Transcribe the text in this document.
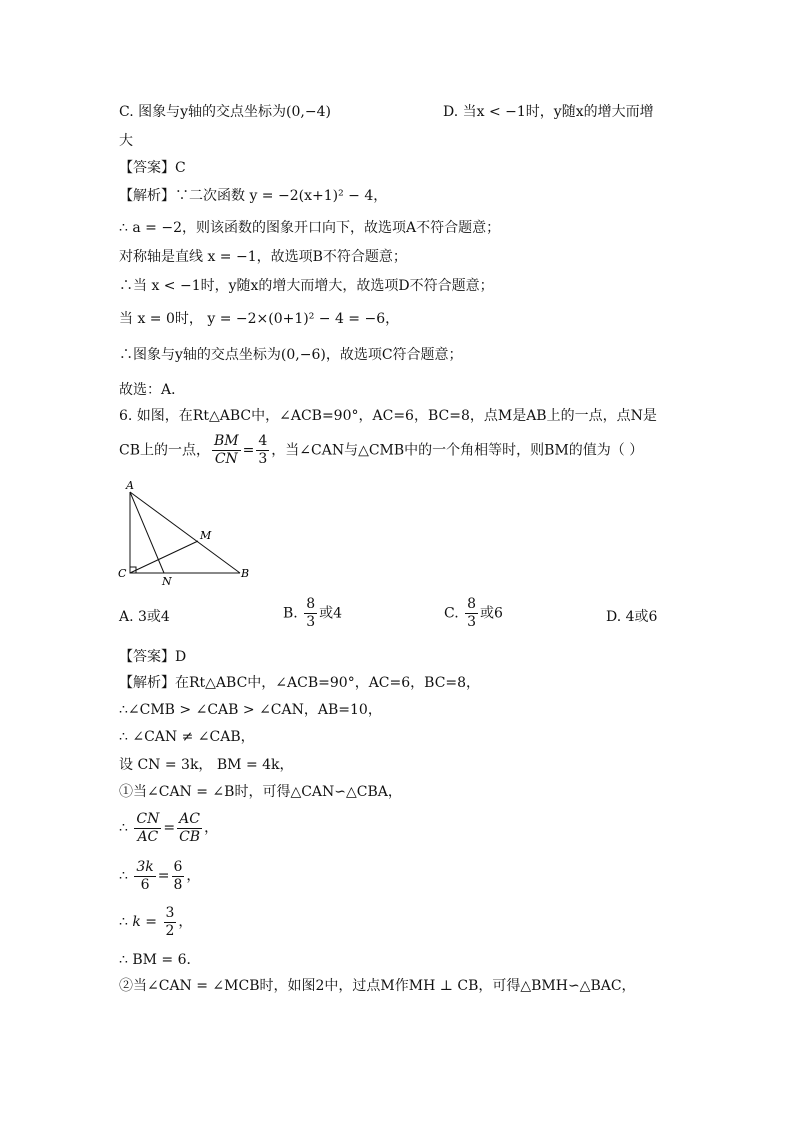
C. 图象与y轴的交点坐标为(0,−4)	D. 当x < −1时，y随x的增大而增
大
【答案】C
【解析】∵二次函数 y = −2(x+1)² − 4，
∴ a = −2，则该函数的图象开口向下，故选项A不符合题意；
对称轴是直线 x = −1，故选项B不符合题意；
∴当 x < −1时，y随x的增大而增大，故选项D不符合题意；
当 x = 0时， y = −2×(0+1)² − 4 = −6，
∴图象与y轴的交点坐标为(0,−6)，故选项C符合题意；
故选：A．
6. 如图，在Rt△ABC中，∠ACB=90°，AC=6，BC=8，点M是AB上的一点，点N是
CB上的一点， $\frac{BM}{CN} = \frac{4}{3}$ ，当∠CAN与△CMB中的一个角相等时，则BM的值为（ ）
A
C	B
M
N
A. 3或4	B. $\frac{8}{3}$ 或4	C. $\frac{8}{3}$ 或6	D. 4或6
【答案】D
【解析】在Rt△ABC中，∠ACB=90°，AC=6，BC=8，
∴∠CMB > ∠CAB > ∠CAN，AB=10，
∴ ∠CAN ≠ ∠CAB，
设 CN = 3k， BM = 4k，
①当∠CAN = ∠B时，可得△CAN∽△CBA，
∴ $\frac{CN}{AC} = \frac{AC}{CB}$ ，
∴ $\frac{3k}{6} = \frac{6}{8}$ ，
∴ $k = \frac{3}{2}$ ，
∴ BM = 6．
②当∠CAN = ∠MCB时，如图2中，过点M作MH ⊥ CB，可得△BMH∽△BAC，
